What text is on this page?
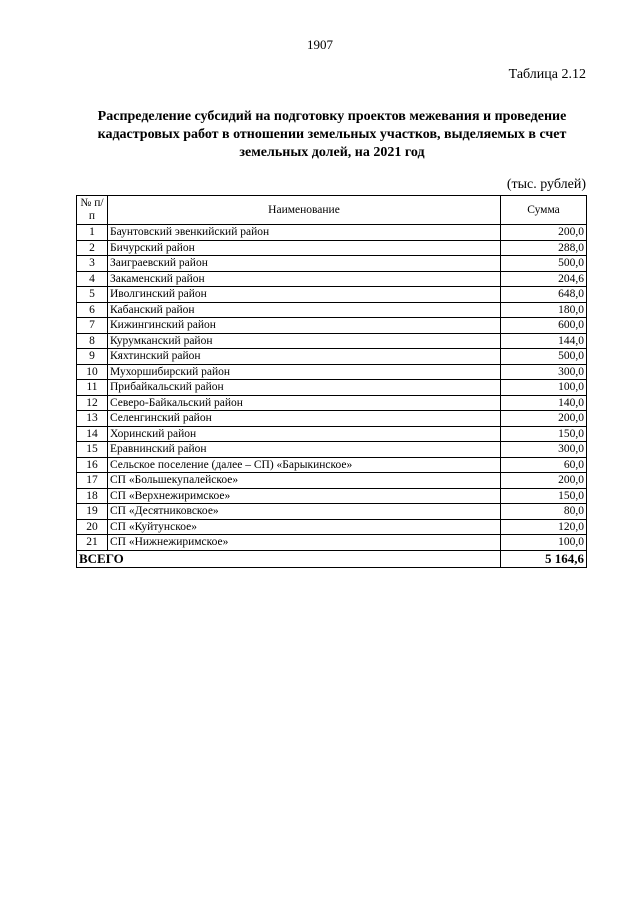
1907
Таблица 2.12
Распределение субсидий на подготовку проектов межевания и проведение кадастровых работ в отношении земельных участков, выделяемых в счет земельных долей, на 2021 год
(тыс. рублей)
№ п/п	Наименование	Сумма
1	Баунтовский эвенкийский район	200,0
2	Бичурский район	288,0
3	Заиграевский район	500,0
4	Закаменский район	204,6
5	Иволгинский район	648,0
6	Кабанский район	180,0
7	Кижингинский район	600,0
8	Курумканский район	144,0
9	Кяхтинский район	500,0
10	Мухоршибирский район	300,0
11	Прибайкальский район	100,0
12	Северо-Байкальский район	140,0
13	Селенгинский район	200,0
14	Хоринский район	150,0
15	Еравнинский район	300,0
16	Сельское поселение (далее – СП) «Барыкинское»	60,0
17	СП «Большекупалейское»	200,0
18	СП «Верхнежиримское»	150,0
19	СП «Десятниковское»	80,0
20	СП «Куйтунское»	120,0
21	СП «Нижнежиримское»	100,0
ВСЕГО		5 164,6
